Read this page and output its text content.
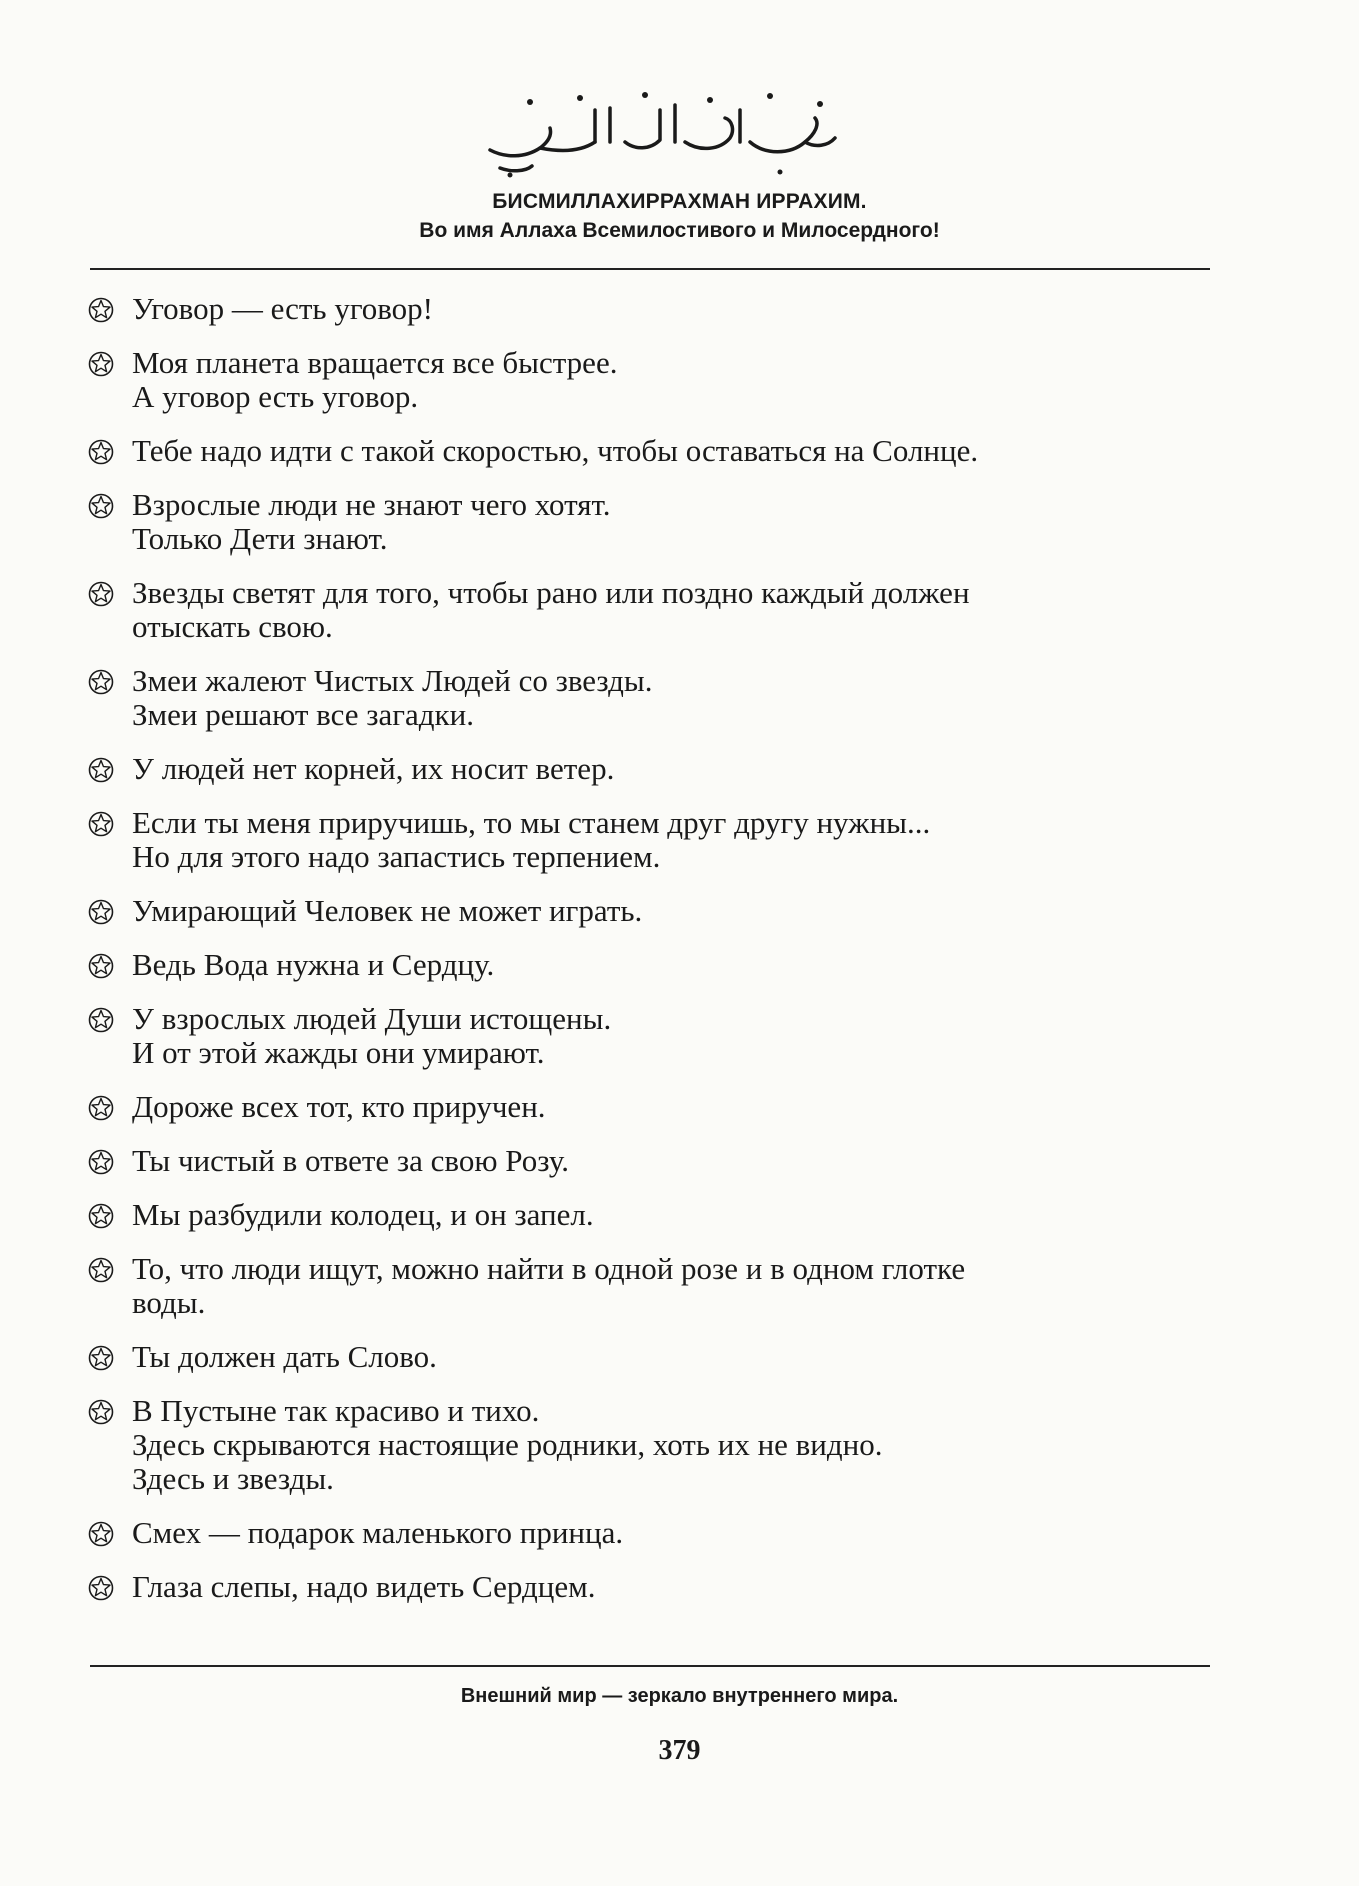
БИСМИЛЛАХИРРАХМАН ИРРАХИМ.
Во имя Аллаха Всемилостивого и Милосердного!
Уговор — есть уговор!
Моя планета вращается все быстрее.
А уговор есть уговор.
Тебе надо идти с такой скоростью, чтобы оставаться на Солнце.
Взрослые люди не знают чего хотят.
Только Дети знают.
Звезды светят для того, чтобы рано или поздно каждый должен
отыскать свою.
Змеи жалеют Чистых Людей со звезды.
Змеи решают все загадки.
У людей нет корней, их носит ветер.
Если ты меня приручишь, то мы станем друг другу нужны...
Но для этого надо запастись терпением.
Умирающий Человек не может играть.
Ведь Вода нужна и Сердцу.
У взрослых людей Души истощены.
И от этой жажды они умирают.
Дороже всех тот, кто приручен.
Ты чистый в ответе за свою Розу.
Мы разбудили колодец, и он запел.
То, что люди ищут, можно найти в одной розе и в одном глотке
воды.
Ты должен дать Слово.
В Пустыне так красиво и тихо.
Здесь скрываются настоящие родники, хоть их не видно.
Здесь и звезды.
Смех — подарок маленького принца.
Глаза слепы, надо видеть Сердцем.
Внешний мир — зеркало внутреннего мира.
379
